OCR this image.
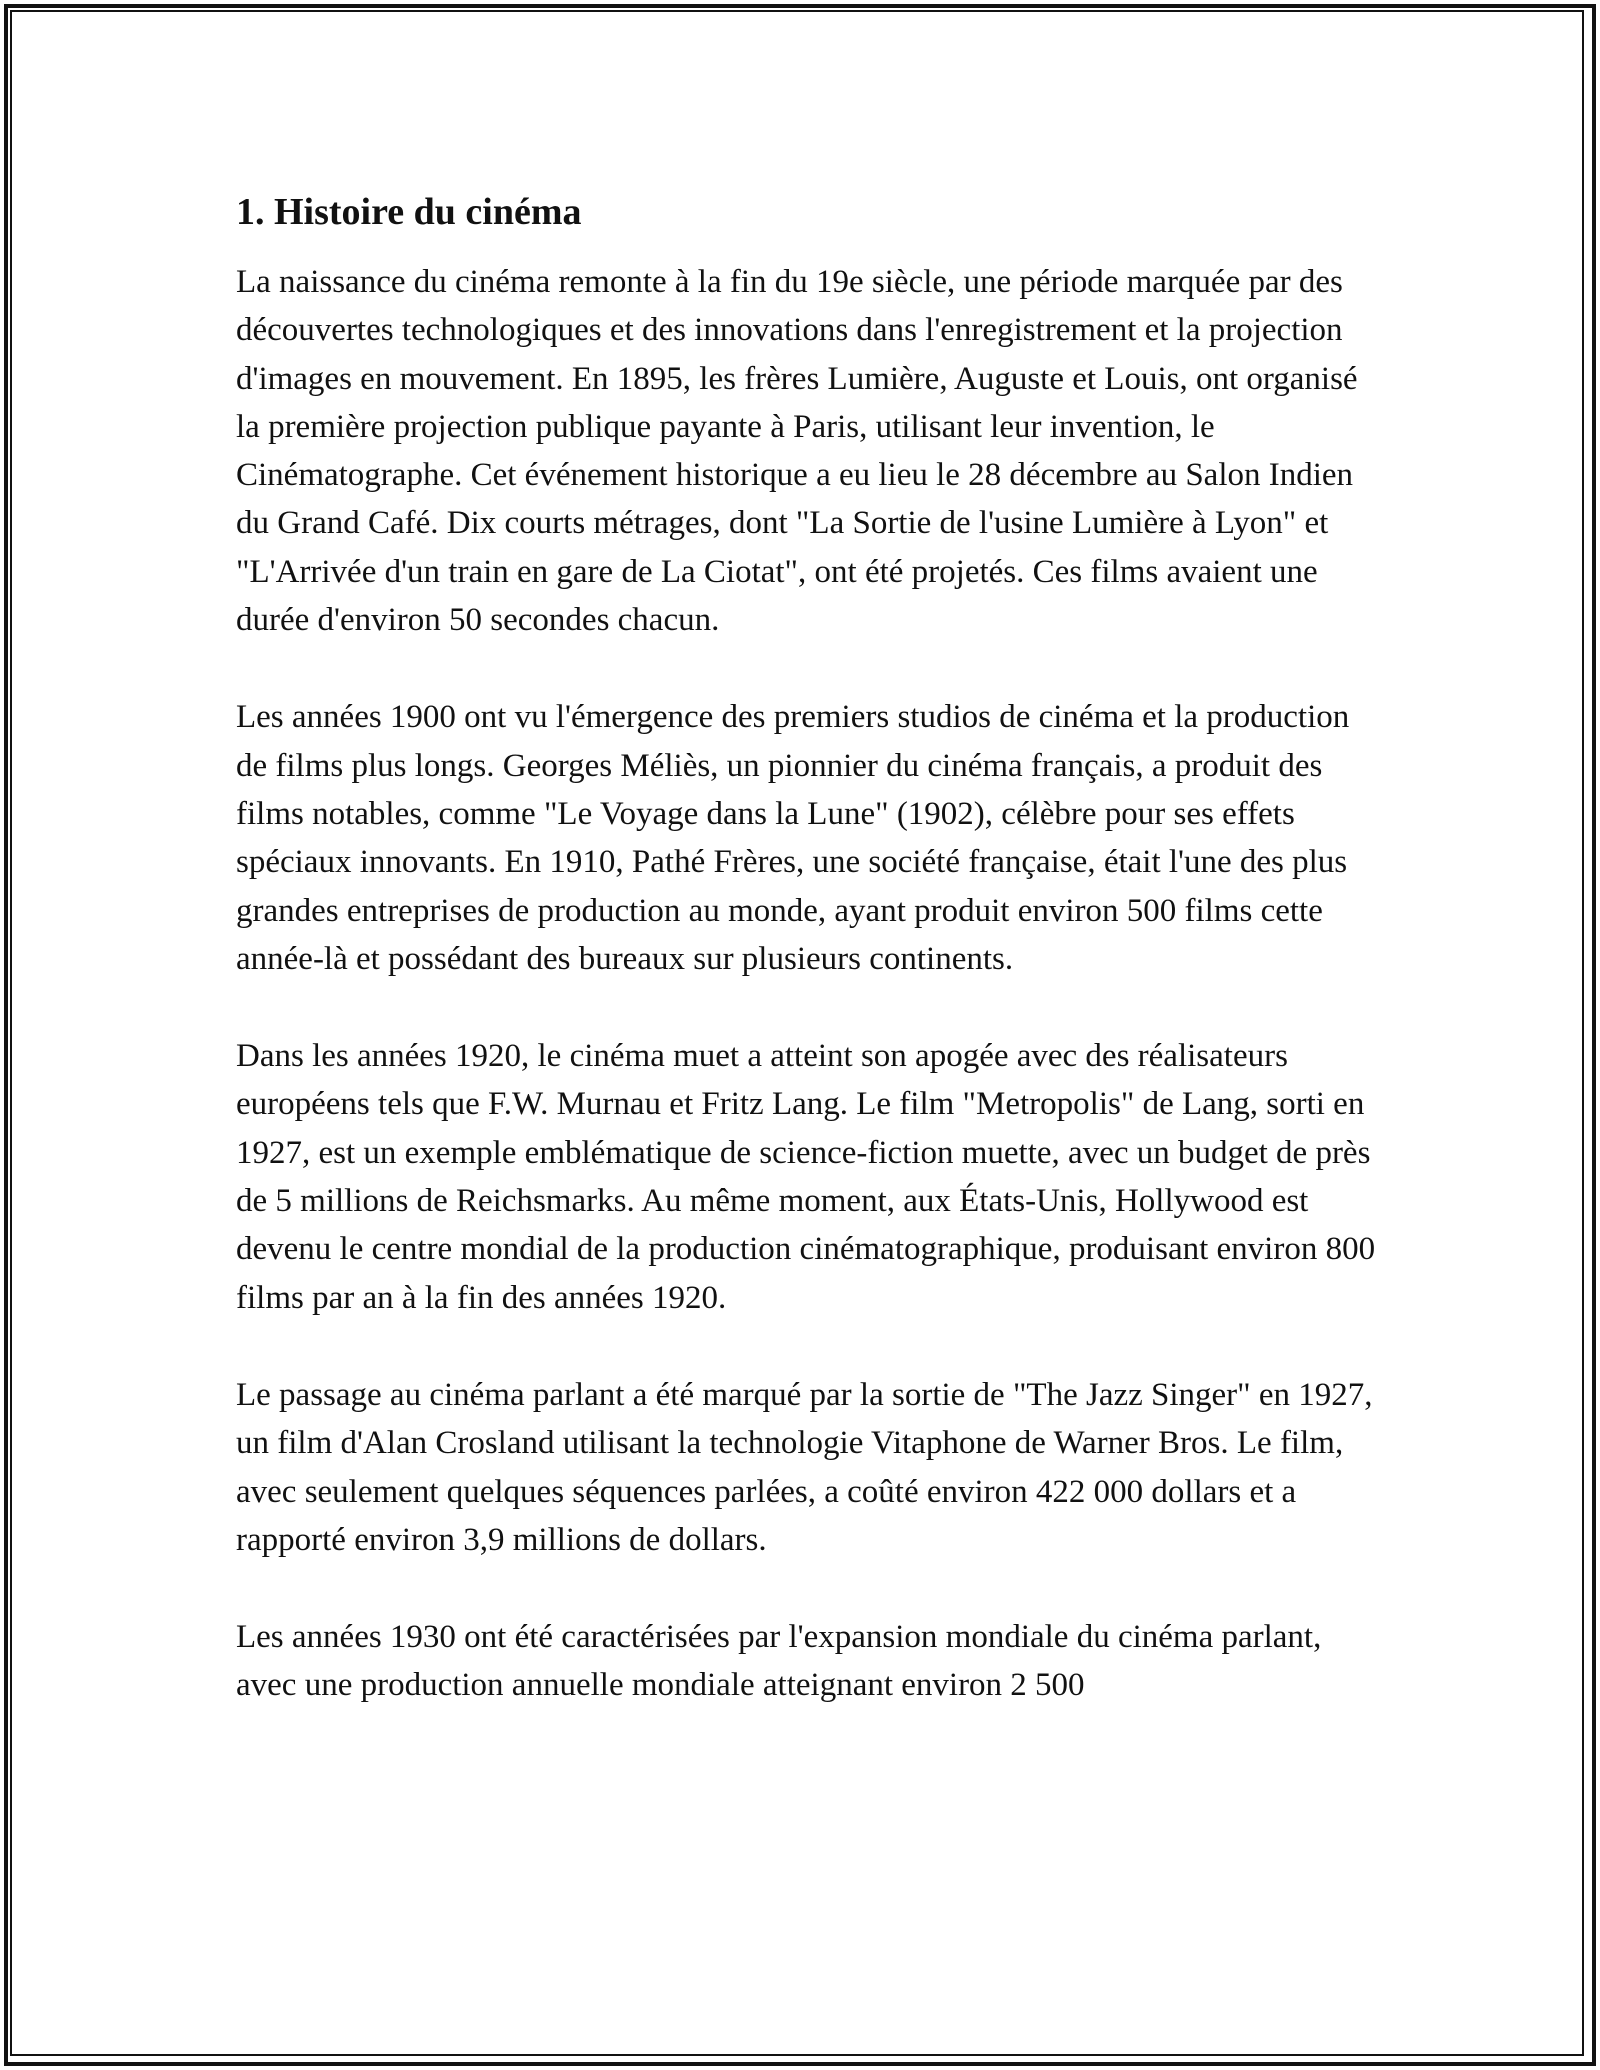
1. Histoire du cinéma

La naissance du cinéma remonte à la fin du 19e siècle, une période marquée par des découvertes technologiques et des innovations dans l'enregistrement et la projection d'images en mouvement. En 1895, les frères Lumière, Auguste et Louis, ont organisé la première projection publique payante à Paris, utilisant leur invention, le Cinématographe. Cet événement historique a eu lieu le 28 décembre au Salon Indien du Grand Café. Dix courts métrages, dont "La Sortie de l'usine Lumière à Lyon" et "L'Arrivée d'un train en gare de La Ciotat", ont été projetés. Ces films avaient une durée d'environ 50 secondes chacun.

Les années 1900 ont vu l'émergence des premiers studios de cinéma et la production de films plus longs. Georges Méliès, un pionnier du cinéma français, a produit des films notables, comme "Le Voyage dans la Lune" (1902), célèbre pour ses effets spéciaux innovants. En 1910, Pathé Frères, une société française, était l'une des plus grandes entreprises de production au monde, ayant produit environ 500 films cette année-là et possédant des bureaux sur plusieurs continents.

Dans les années 1920, le cinéma muet a atteint son apogée avec des réalisateurs européens tels que F.W. Murnau et Fritz Lang. Le film "Metropolis" de Lang, sorti en 1927, est un exemple emblématique de science-fiction muette, avec un budget de près de 5 millions de Reichsmarks. Au même moment, aux États-Unis, Hollywood est devenu le centre mondial de la production cinématographique, produisant environ 800 films par an à la fin des années 1920.

Le passage au cinéma parlant a été marqué par la sortie de "The Jazz Singer" en 1927, un film d'Alan Crosland utilisant la technologie Vitaphone de Warner Bros. Le film, avec seulement quelques séquences parlées, a coûté environ 422 000 dollars et a rapporté environ 3,9 millions de dollars.

Les années 1930 ont été caractérisées par l'expansion mondiale du cinéma parlant, avec une production annuelle mondiale atteignant environ 2 500
